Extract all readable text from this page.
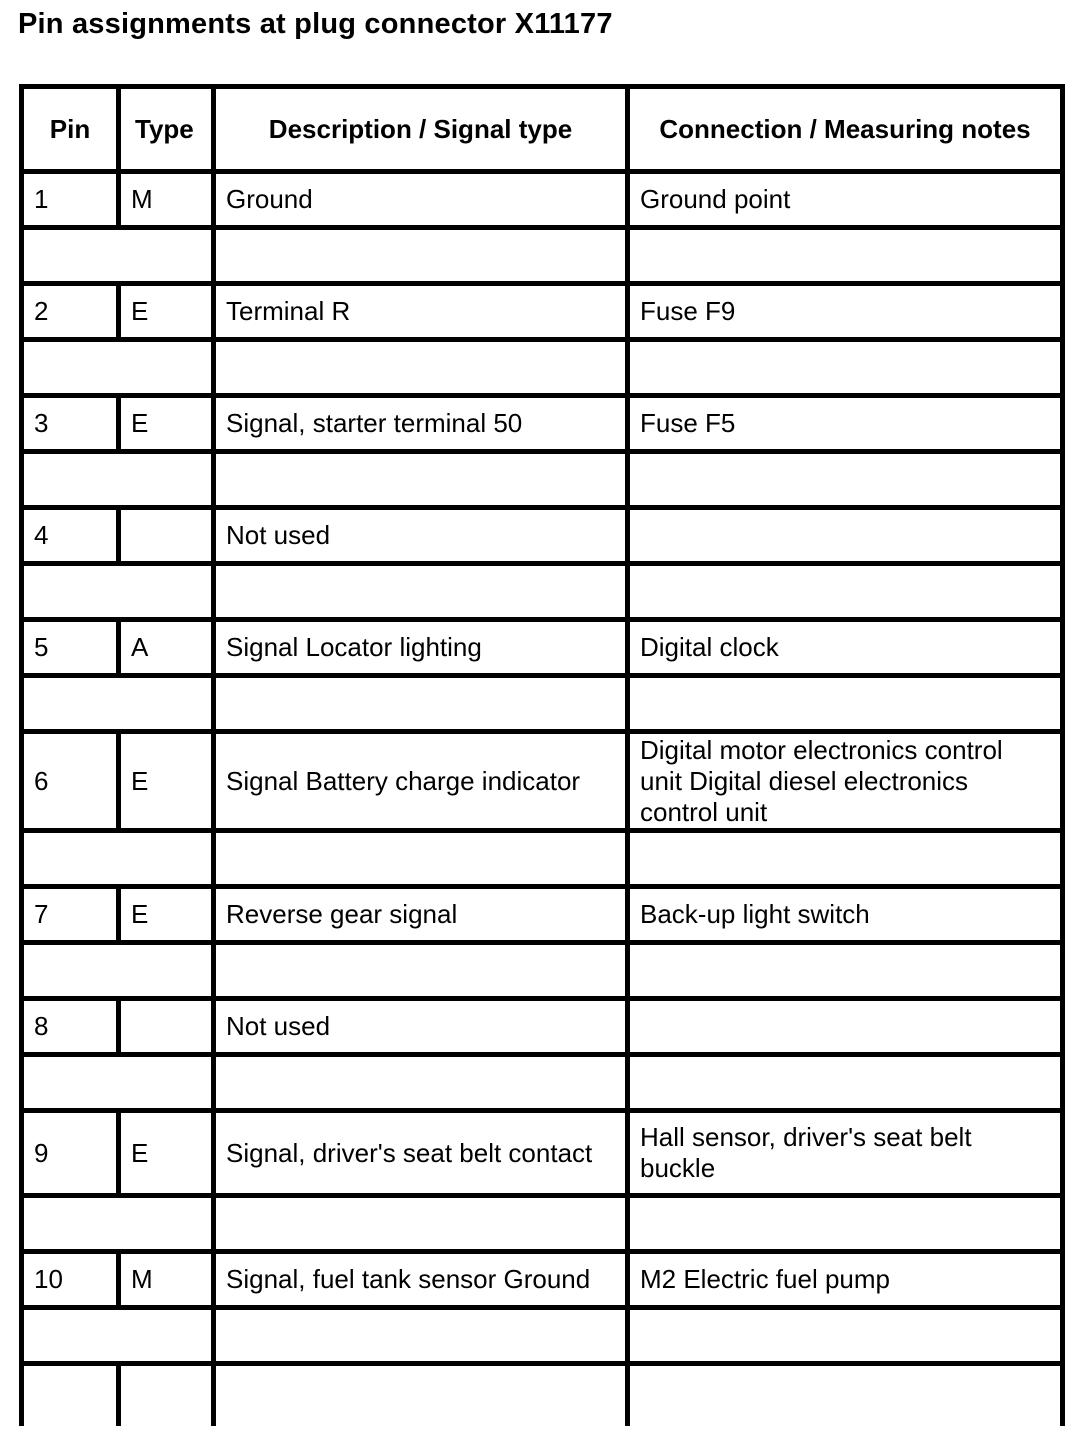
Pin assignments at plug connector X11177
Pin	Type	Description / Signal type	Connection / Measuring notes
1	M	Ground	Ground point

2	E	Terminal R	Fuse F9

3	E	Signal, starter terminal 50	Fuse F5

4		Not used	

5	A	Signal Locator lighting	Digital clock

6	E	Signal Battery charge indicator	Digital motor electronics control unit Digital diesel electronics control unit

7	E	Reverse gear signal	Back-up light switch

8		Not used	

9	E	Signal, driver's seat belt contact	Hall sensor, driver's seat belt buckle

10	M	Signal, fuel tank sensor Ground	M2 Electric fuel pump
